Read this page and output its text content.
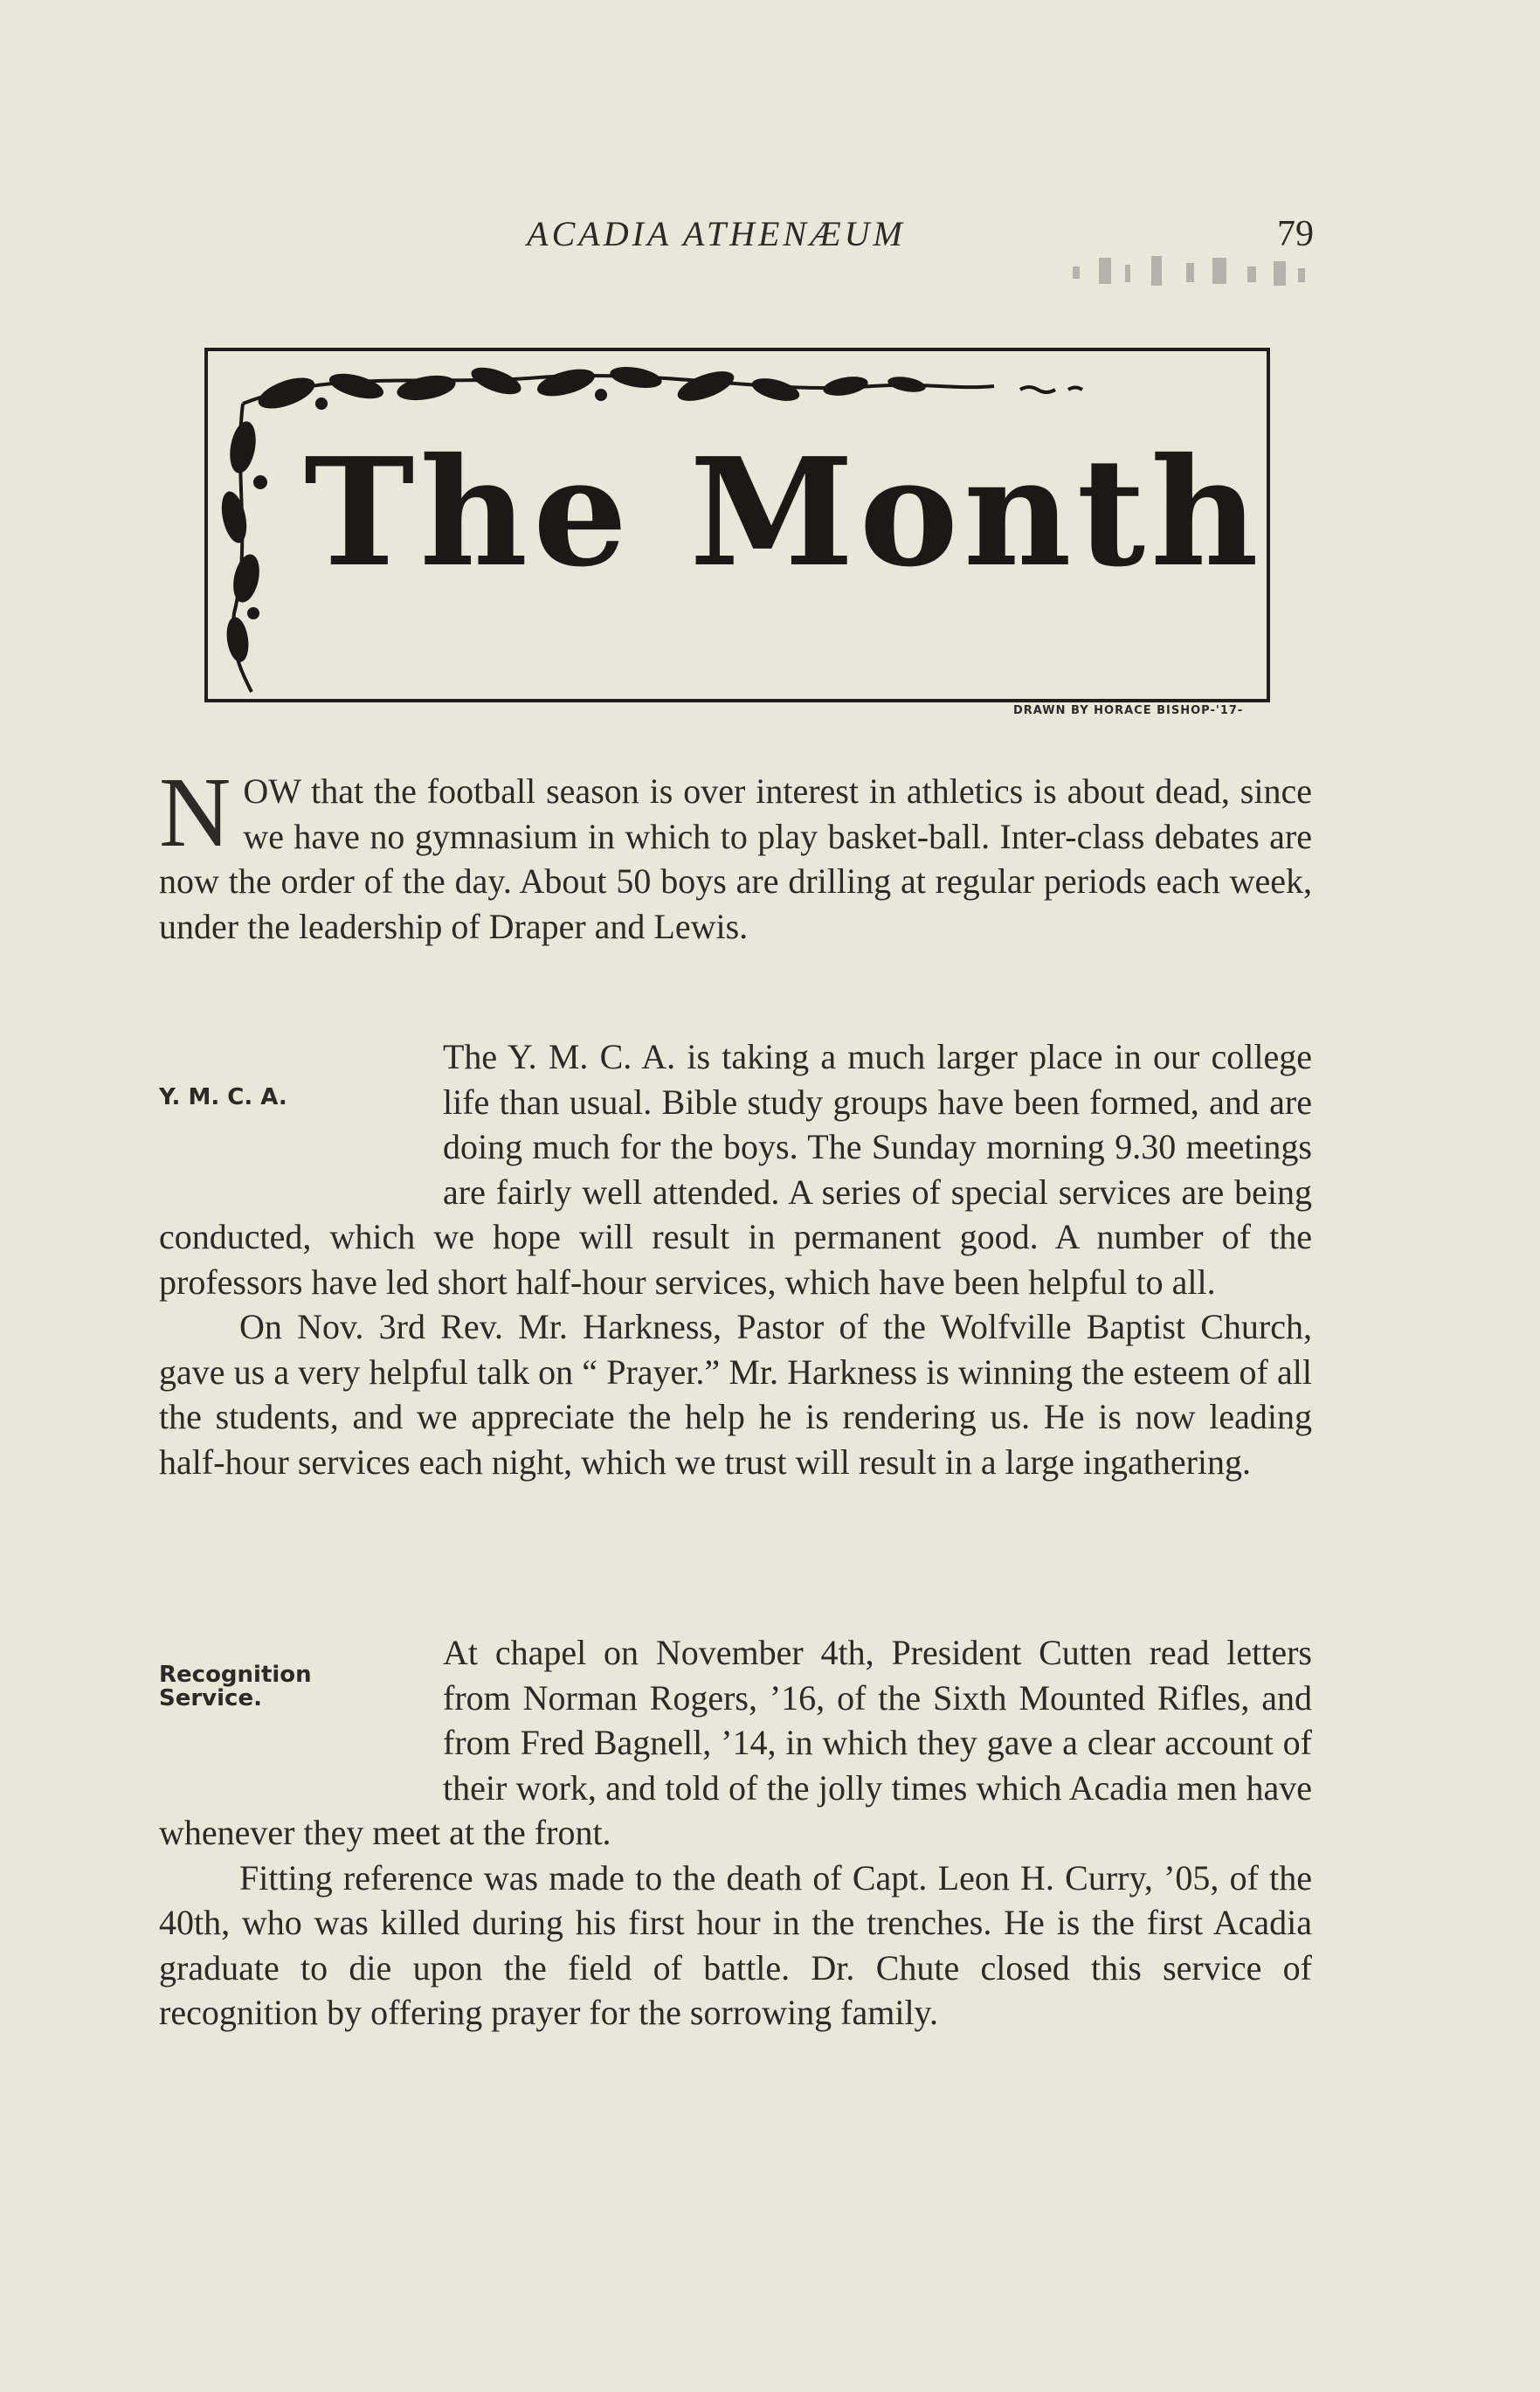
ACADIA ATHENÆUM	79
The Month
DRAWN BY HORACE BISHOP-'17-
N OW that the football season is over interest in athletics is about dead, since we have no gymnasium in which to play basket-ball. Inter-class debates are now the order of the day. About 50 boys are drilling at regular periods each week, under the leadership of Draper and Lewis.
Y. M. C. A.

The Y. M. C. A. is taking a much larger place in our college life than usual. Bible study groups have been formed, and are doing much for the boys. The Sunday morning 9.30 meetings are fairly well attended. A series of special services are being conducted, which we hope will result in permanent good. A number of the professors have led short half-hour services, which have been helpful to all.

On Nov. 3rd Rev. Mr. Harkness, Pastor of the Wolfville Baptist Church, gave us a very helpful talk on “ Prayer.” Mr. Harkness is winning the esteem of all the students, and we appreciate the help he is rendering us. He is now leading half-hour services each night, which we trust will result in a large ingathering.

Recognition
Service.

At chapel on November 4th, President Cutten read letters from Norman Rogers, ’16, of the Sixth Mounted Rifles, and from Fred Bagnell, ’14, in which they gave a clear account of their work, and told of the jolly times which Acadia men have whenever they meet at the front.

Fitting reference was made to the death of Capt. Leon H. Curry, ’05, of the 40th, who was killed during his first hour in the trenches. He is the first Acadia graduate to die upon the field of battle. Dr. Chute closed this service of recognition by offering prayer for the sorrowing family.
